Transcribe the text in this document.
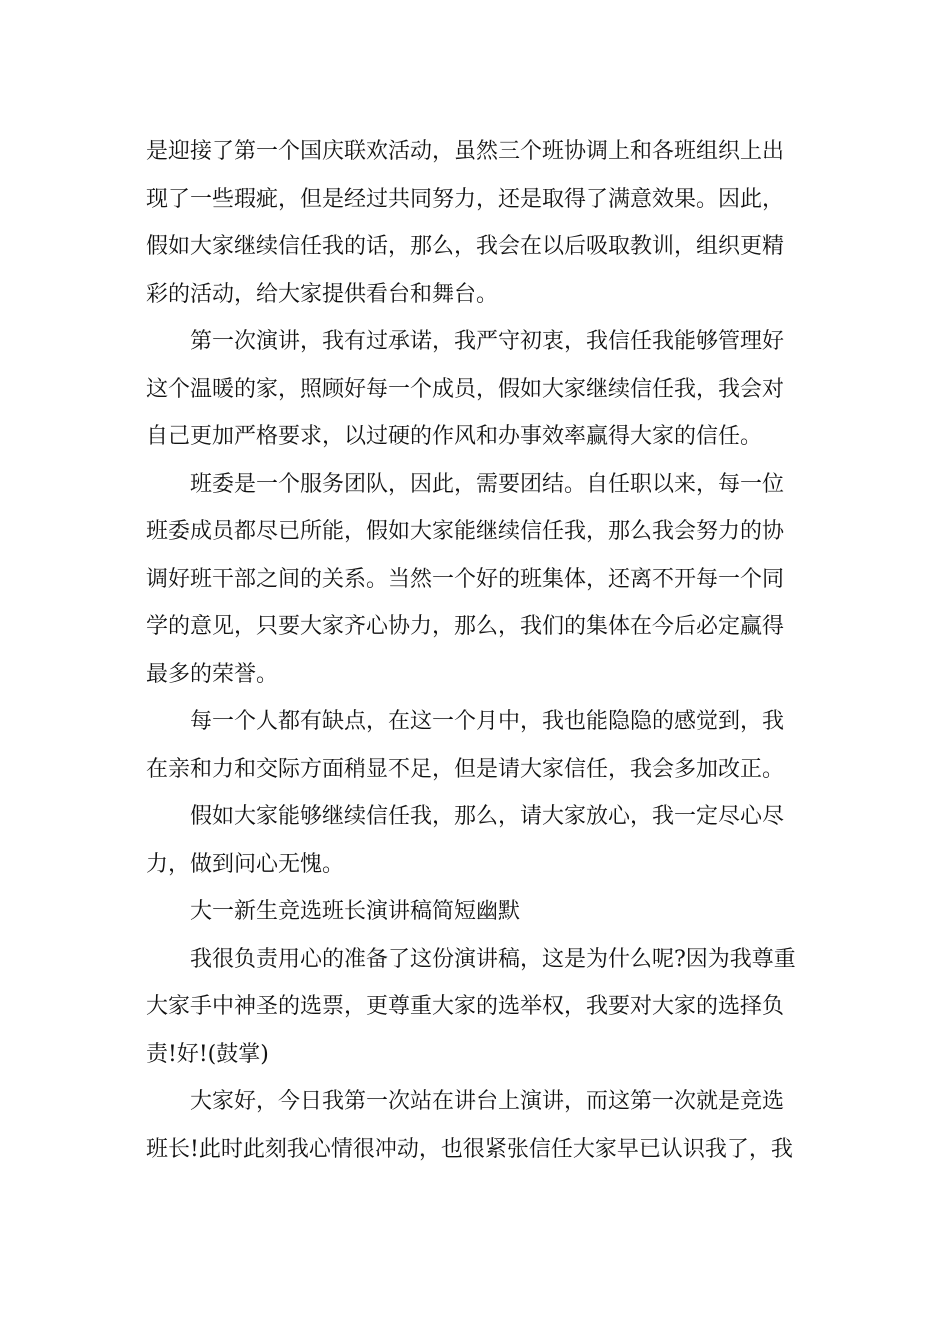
是迎接了第一个国庆联欢活动，虽然三个班协调上和各班组织上出
现了一些瑕疵，但是经过共同努力，还是取得了满意效果。因此，
假如大家继续信任我的话，那么，我会在以后吸取教训，组织更精
彩的活动，给大家提供看台和舞台。
第一次演讲，我有过承诺，我严守初衷，我信任我能够管理好
这个温暖的家，照顾好每一个成员，假如大家继续信任我，我会对
自己更加严格要求，以过硬的作风和办事效率赢得大家的信任。
班委是一个服务团队，因此，需要团结。自任职以来，每一位
班委成员都尽已所能，假如大家能继续信任我，那么我会努力的协
调好班干部之间的关系。当然一个好的班集体，还离不开每一个同
学的意见，只要大家齐心协力，那么，我们的集体在今后必定赢得
最多的荣誉。
每一个人都有缺点，在这一个月中，我也能隐隐的感觉到，我
在亲和力和交际方面稍显不足，但是请大家信任，我会多加改正。
假如大家能够继续信任我，那么，请大家放心，我一定尽心尽
力，做到问心无愧。
大一新生竞选班长演讲稿简短幽默
我很负责用心的准备了这份演讲稿，这是为什么呢?因为我尊重
大家手中神圣的选票，更尊重大家的选举权，我要对大家的选择负
责!好!(鼓掌)
大家好，今日我第一次站在讲台上演讲，而这第一次就是竞选
班长!此时此刻我心情很冲动，也很紧张信任大家早已认识我了，我
